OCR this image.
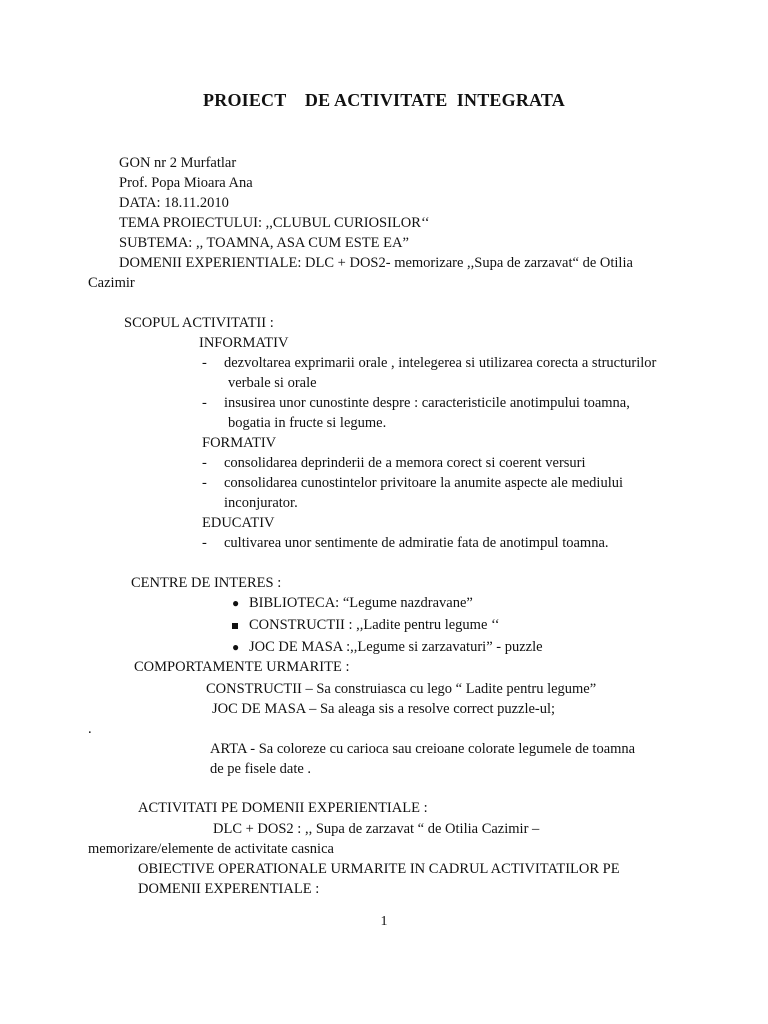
PROIECT    DE ACTIVITATE  INTEGRATA
GON nr 2 Murfatlar
Prof. Popa Mioara Ana
DATA: 18.11.2010
TEMA PROIECTULUI: ,,CLUBUL CURIOSILOR‘‘
SUBTEMA: ,, TOAMNA, ASA CUM ESTE EA”
DOMENII EXPERIENTIALE: DLC + DOS2- memorizare ,,Supa de zarzavat“ de Otilia
Cazimir
SCOPUL ACTIVITATII :
INFORMATIV
- dezvoltarea exprimarii orale , intelegerea si utilizarea corecta a structurilor
verbale si orale
- insusirea unor cunostinte despre : caracteristicile anotimpului toamna,
bogatia in fructe si legume.
FORMATIV
- consolidarea deprinderii de a memora corect si coerent versuri
- consolidarea cunostintelor privitoare la anumite aspecte ale mediului
inconjurator.
EDUCATIV
- cultivarea unor sentimente de admiratie fata de anotimpul toamna.
CENTRE DE INTERES :
● BIBLIOTECA: “Legume nazdravane”
CONSTRUCTII : ,,Ladite pentru legume ‘‘
● JOC DE MASA :,,Legume si zarzavaturi” - puzzle
COMPORTAMENTE URMARITE :
CONSTRUCTII – Sa construiasca cu lego “ Ladite pentru legume”
JOC DE MASA – Sa aleaga sis a resolve correct puzzle-ul;
.
ARTA - Sa coloreze cu carioca sau creioane colorate legumele de toamna
de pe fisele date .
ACTIVITATI PE DOMENII EXPERIENTIALE :
DLC + DOS2 : ,, Supa de zarzavat “ de Otilia Cazimir –
memorizare/elemente de activitate casnica
OBIECTIVE OPERATIONALE URMARITE IN CADRUL ACTIVITATILOR PE
DOMENII EXPERENTIALE :
1
